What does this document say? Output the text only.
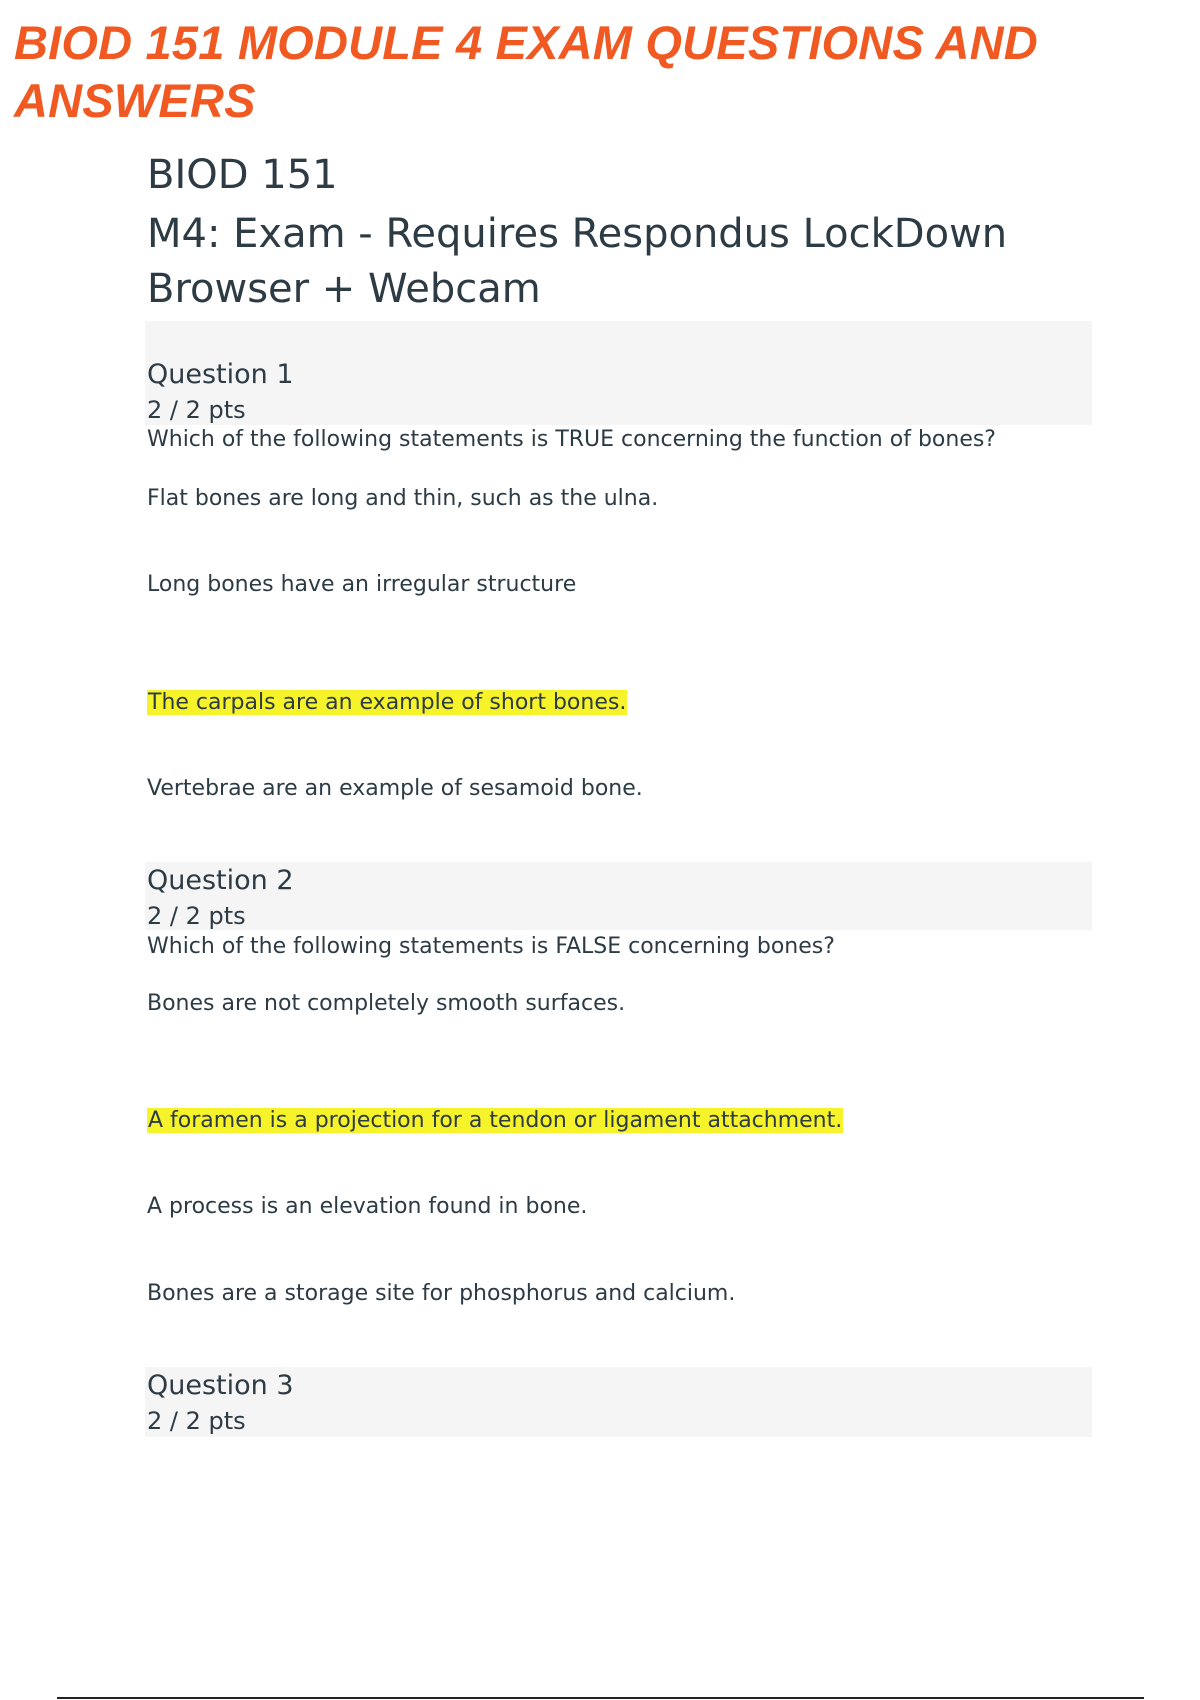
BIOD 151 MODULE 4 EXAM QUESTIONS AND ANSWERS
BIOD 151
M4: Exam - Requires Respondus LockDown Browser + Webcam
Question 1
2 / 2 pts
Which of the following statements is TRUE concerning the function of bones?
Flat bones are long and thin, such as the ulna.
Long bones have an irregular structure
The carpals are an example of short bones.
Vertebrae are an example of sesamoid bone.
Question 2
2 / 2 pts
Which of the following statements is FALSE concerning bones?
Bones are not completely smooth surfaces.
A foramen is a projection for a tendon or ligament attachment.
A process is an elevation found in bone.
Bones are a storage site for phosphorus and calcium.
Question 3
2 / 2 pts
